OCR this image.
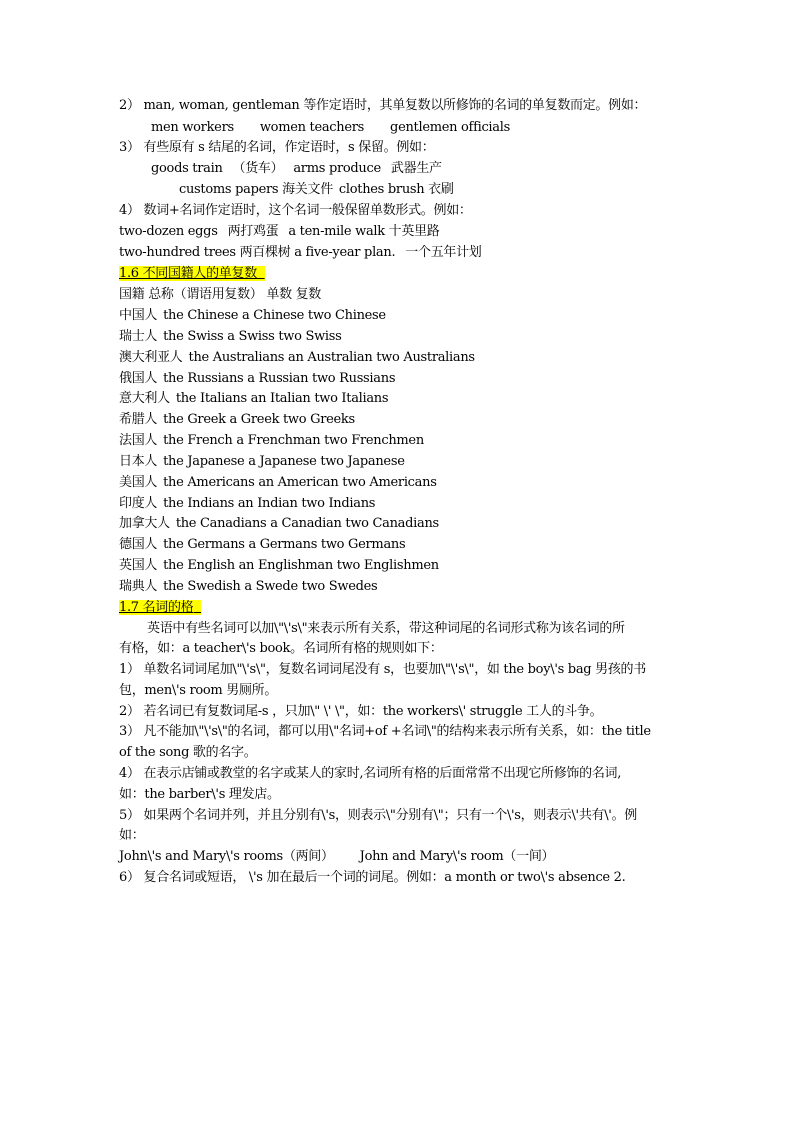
2） man, woman, gentleman 等作定语时，其单复数以所修饰的名词的单复数而定。例如：
men workers women teachers gentlemen officials
3） 有些原有 s 结尾的名词，作定语时，s 保留。例如：
goods train （货车） arms produce 武器生产
customs papers 海关文件 clothes brush 衣刷
4） 数词+名词作定语时，这个名词一般保留单数形式。例如：
two-dozen eggs 两打鸡蛋 a ten-mile walk 十英里路
two-hundred trees 两百棵树 a five-year plan. 一个五年计划
1.6 不同国籍人的单复数
国籍 总称（谓语用复数） 单数 复数
中国人 the Chinese a Chinese two Chinese
瑞士人 the Swiss a Swiss two Swiss
澳大利亚人 the Australians an Australian two Australians
俄国人 the Russians a Russian two Russians
意大利人 the Italians an Italian two Italians
希腊人 the Greek a Greek two Greeks
法国人 the French a Frenchman two Frenchmen
日本人 the Japanese a Japanese two Japanese
美国人 the Americans an American two Americans
印度人 the Indians an Indian two Indians
加拿大人 the Canadians a Canadian two Canadians
德国人 the Germans a Germans two Germans
英国人 the English an Englishman two Englishmen
瑞典人 the Swedish a Swede two Swedes
1.7 名词的格
英语中有些名词可以加\"\'s\"来表示所有关系，带这种词尾的名词形式称为该名词的所
有格，如：a teacher\'s book。名词所有格的规则如下：
1） 单数名词词尾加\"\'s\"，复数名词词尾没有 s，也要加\"\'s\"，如 the boy\'s bag 男孩的书
包，men\'s room 男厕所。
2） 若名词已有复数词尾-s ，只加\" \' \"，如：the workers\' struggle 工人的斗争。
3） 凡不能加\"\'s\"的名词，都可以用\"名词+of +名词\"的结构来表示所有关系，如：the title
of the song 歌的名字。
4） 在表示店铺或教堂的名字或某人的家时,名词所有格的后面常常不出现它所修饰的名词,
如：the barber\'s 理发店。
5） 如果两个名词并列，并且分别有\'s，则表示\"分别有\"；只有一个\'s，则表示\'共有\'。例
如：
John\'s and Mary\'s rooms（两间） John and Mary\'s room（一间）
6） 复合名词或短语， \'s 加在最后一个词的词尾。例如：a month or two\'s absence 2.
